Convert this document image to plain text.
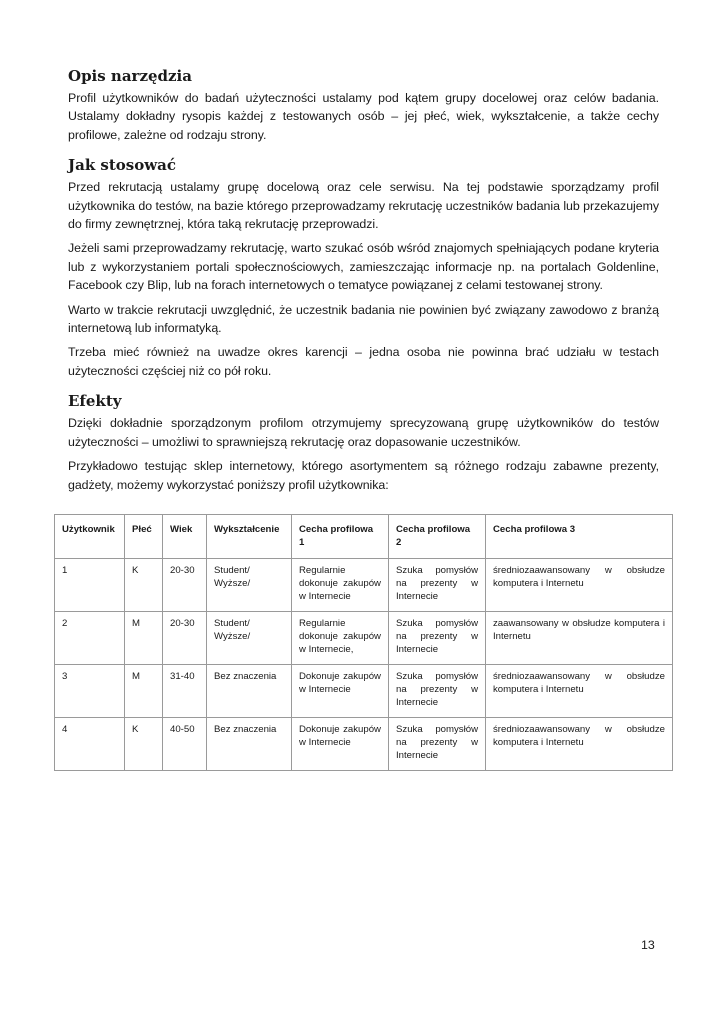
Opis narzędzia

Profil użytkowników do badań użyteczności ustalamy pod kątem grupy docelowej oraz celów badania. Ustalamy dokładny rysopis każdej z testowanych osób – jej płeć, wiek, wykształcenie, a także cechy profilowe, zależne od rodzaju strony.

Jak stosować

Przed rekrutacją ustalamy grupę docelową oraz cele serwisu. Na tej podstawie sporządzamy profil użytkownika do testów, na bazie którego przeprowadzamy rekrutację uczestników badania lub przekazujemy do firmy zewnętrznej, która taką rekrutację przeprowadzi.

Jeżeli sami przeprowadzamy rekrutację, warto szukać osób wśród znajomych spełniających podane kryteria lub z wykorzystaniem portali społecznościowych, zamieszczając informacje np. na portalach Goldenline, Facebook czy Blip, lub na forach internetowych o tematyce powiązanej z celami testowanej strony.

Warto w trakcie rekrutacji uwzględnić, że uczestnik badania nie powinien być związany zawodowo z branżą internetową lub informatyką.

Trzeba mieć również na uwadze okres karencji – jedna osoba nie powinna brać udziału w testach użyteczności częściej niż co pół roku.

Efekty

Dzięki dokładnie sporządzonym profilom otrzymujemy sprecyzowaną grupę użytkowników do testów użyteczności – umożliwi to sprawniejszą rekrutację oraz dopasowanie uczestników.

Przykładowo testując sklep internetowy, którego asortymentem są różnego rodzaju zabawne prezenty, gadżety, możemy wykorzystać poniższy profil użytkownika:

Użytkownik	Płeć	Wiek	Wykształcenie	Cecha profilowa 1	Cecha profilowa 2	Cecha profilowa 3
1	K	20-30	Student/ Wyższe/	Regularnie dokonuje zakupów w Internecie	Szuka pomysłów na prezenty w Internecie	średniozaawansowany w obsłudze komputera i Internetu
2	M	20-30	Student/ Wyższe/	Regularnie dokonuje zakupów w Internecie,	Szuka pomysłów na prezenty w Internecie	zaawansowany w obsłudze komputera i Internetu
3	M	31-40	Bez znaczenia	Dokonuje zakupów w Internecie	Szuka pomysłów na prezenty w Internecie	średniozaawansowany w obsłudze komputera i Internetu
4	K	40-50	Bez znaczenia	Dokonuje zakupów w Internecie	Szuka pomysłów na prezenty w Internecie	średniozaawansowany w obsłudze komputera i Internetu
13
